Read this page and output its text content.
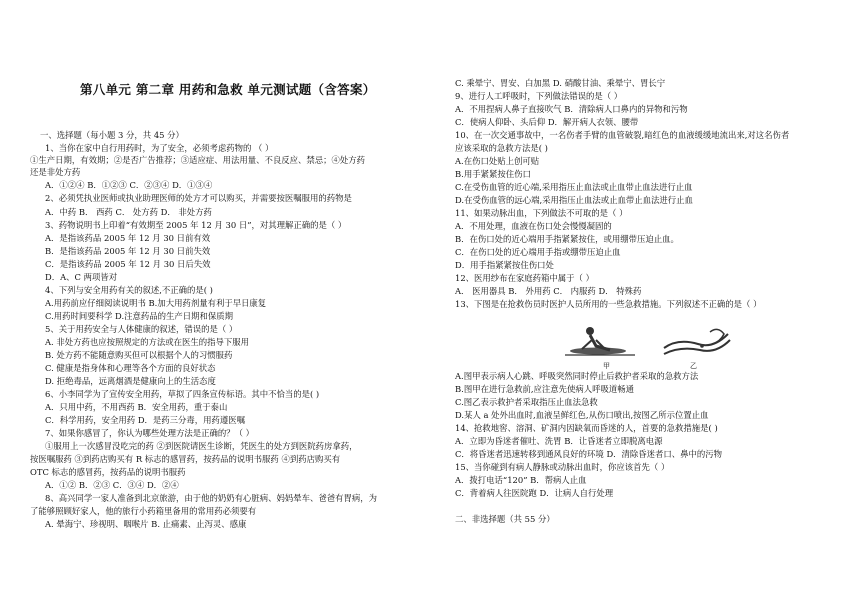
第八单元 第二章 用药和急救 单元测试题（含答案）
一、选择题（每小题 3 分，共 45 分）
1、当你在家中自行用药时，为了安全，必须考虑药物的 （ ）
①生产日期，有效期；②是否广告推荐；③适应症、用法用量、不良反应、禁忌；④处方药
还是非处方药
A．①②④ B．①②③ C．②③④ D．①③④
2、必须凭执业医师或执业助理医师的处方才可以购买，并需要按医嘱服用的药物是
A．中药 B． 西药 C． 处方药 D． 非处方药
3、药物说明书上印着“有效期至 2005 年 12 月 30 日”，对其理解正确的是（ ）
A．是指该药品 2005 年 12 月 30 日前有效
B．是指该药品 2005 年 12 月 30 日前失效
C．是指该药品 2005 年 12 月 30 日后失效
D．A、C 两项皆对
4、下列与安全用药有关的叙述,不正确的是( )
A.用药前应仔细阅读说明书 B.加大用药剂量有利于早日康复
C.用药时间要科学 D.注意药品的生产日期和保质期
5、关于用药安全与人体健康的叙述，错误的是（ ）
A. 非处方药也应按照规定的方法或在医生的指导下服用
B. 处方药不能随意购买但可以根据个人的习惯服药
C. 健康是指身体和心理等各个方面的良好状态
D. 拒绝毒品，远离烟酒是健康向上的生活态度
6、小李同学为了宣传安全用药，草拟了四条宣传标语。其中不恰当的是( )
A．只用中药，不用西药 B．安全用药，重于泰山
C．科学用药，安全用药 D．是药三分毒，用药遵医嘱
7、如果你感冒了，你认为哪些处理方法是正确的？（ ）
①服用上一次感冒没吃完的药 ②到医院请医生诊断，凭医生的处方到医院药房拿药，
按医嘱服药 ③到药店购买有 R 标志的感冒药，按药品的说明书服药 ④到药店购买有
OTC 标志的感冒药，按药品的说明书服药
A．①② B．②③ C．③④ D．②④
8、高兴同学一家人准备到北京旅游，由于他的奶奶有心脏病、妈妈晕车、爸爸有胃病，为
了能够照顾好家人，他的旅行小药箱里备用的常用药必须要有
A. 晕海宁、珍视明、咽喉片 B. 止痛素、止泻灵、感康
C. 乘晕宁、胃安、白加黑 D. 硝酸甘油、乘晕宁、胃长宁
9、进行人工呼吸时，下列做法错误的是（ ）
A．不用捏病人鼻子直接吹气 B．清除病人口鼻内的异物和污物
C．使病人仰卧、头后仰 D．解开病人衣领、腰带
10、在一次交通事故中，一名伤者手臂的血管破裂,暗红色的血液缓缓地流出来,对这名伤者
应该采取的急救方法是( )
A.在伤口处贴上创可贴
B.用手紧紧按住伤口
C.在受伤血管的近心端,采用指压止血法或止血带止血法进行止血
D.在受伤血管的远心端,采用指压止血法或止血带止血法进行止血
11、如果动脉出血，下列做法不可取的是（ ）
A．不用处理，血液在伤口处会慢慢凝固的
B．在伤口处的近心端用手指紧紧按住，或用绷带压迫止血。
C．在伤口处的近心端用手指或绷带压迫止血
D．用手指紧紧按住伤口处
12、医用纱布在家庭药箱中属于（ ）
A． 医用器具 B． 外用药 C． 内服药 D． 特殊药
13、下图是在抢救伤员时医护人员所用的一些急救措施。下列叙述不正确的是（ ）
A.图甲表示病人心跳、呼吸突然同时停止后救护者采取的急救方法
B.图甲在进行急救前,应注意先使病人呼吸道畅通
C.图乙表示救护者采取指压止血法急救
D.某人 a 处外出血时,血液呈鲜红色,从伤口喷出,按图乙所示位置止血
14、抢救地窖、溶洞、矿洞内因缺氧而昏迷的人，首要的急救措施是( )
A．立即为昏迷者催吐、洗胃 B．让昏迷者立即脱离电源
C．将昏迷者迅速转移到通风良好的环境 D．清除昏迷者口、鼻中的污物
15、当你碰到有病人静脉或动脉出血时，你应该首先（ ）
A．拨打电话“120” B．帮病人止血
C．背着病人往医院跑 D．让病人自行处理
二、非选择题（共 55 分）
甲	乙
